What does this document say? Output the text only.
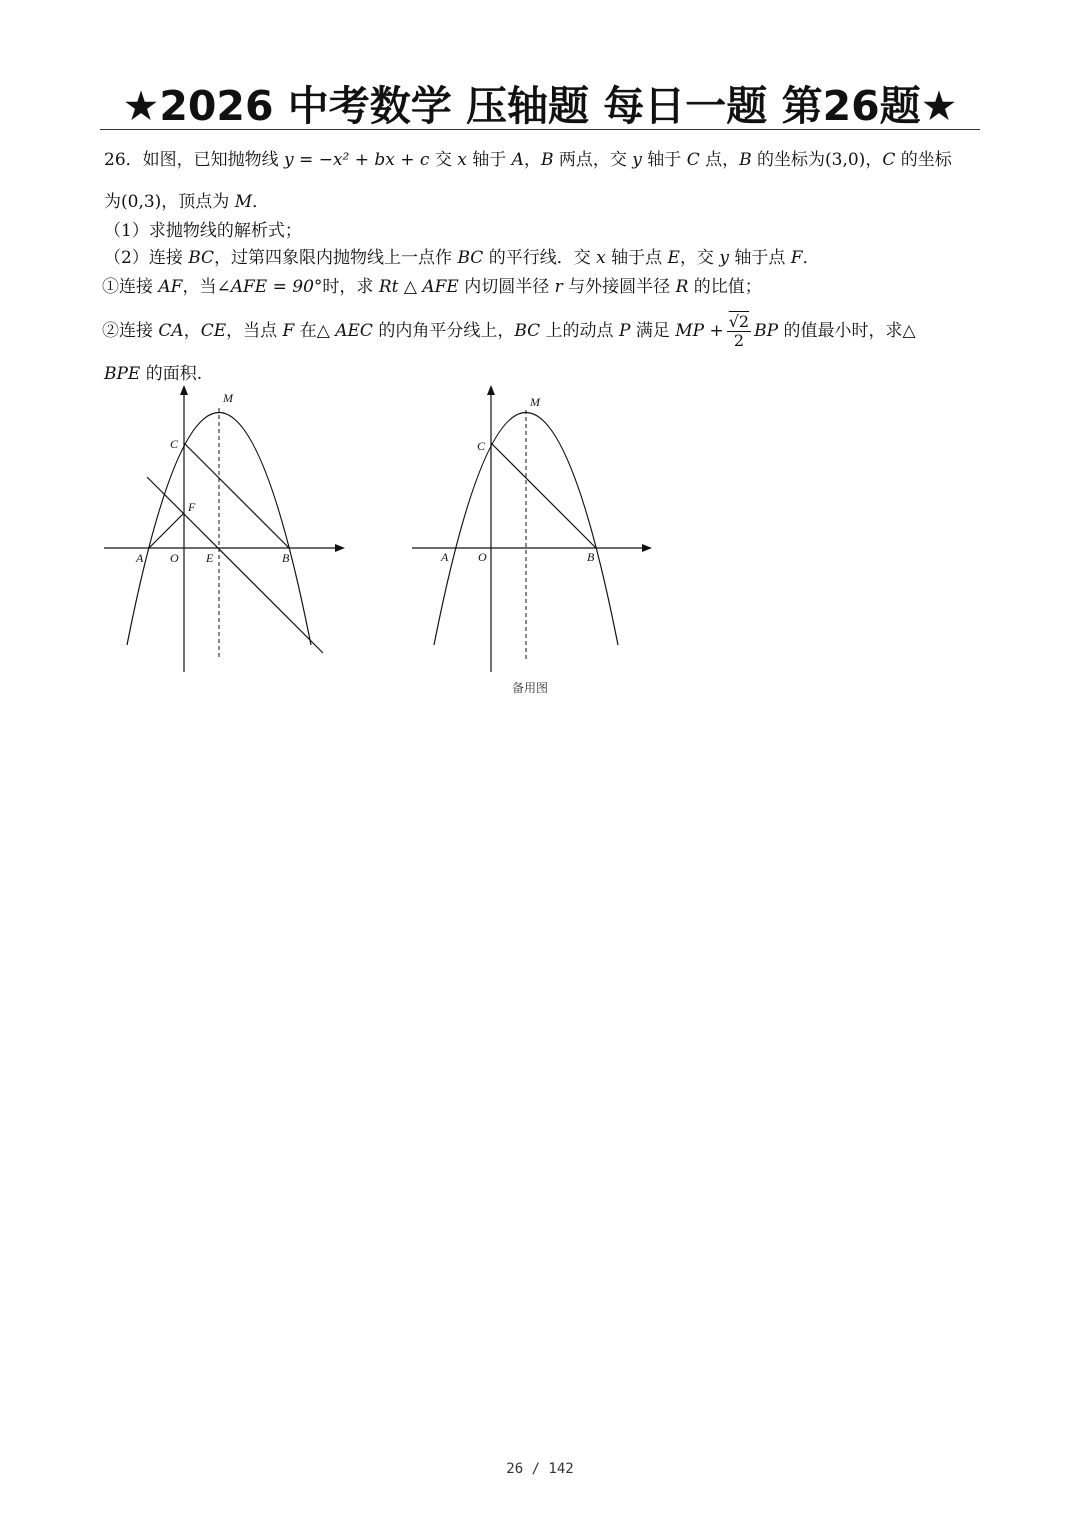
★2026 中考数学 压轴题 每日一题 第26题★
26．如图，已知抛物线 y = −x² + bx + c 交 x 轴于 A，B 两点，交 y 轴于 C 点，B 的坐标为(3,0)，C 的坐标
为(0,3)，顶点为 M．
（1）求抛物线的解析式；
（2）连接 BC，过第四象限内抛物线上一点作 BC 的平行线．交 x 轴于点 E，交 y 轴于点 F．
①连接 AF，当∠AFE = 90°时，求 Rt △ AFE 内切圆半径 r 与外接圆半径 R 的比值；
②连接 CA，CE，当点 F 在△ AEC 的内角平分线上，BC 上的动点 P 满足 MP + $\frac{√2}{2}$ BP 的值最小时，求△
BPE 的面积.
M
C
F
A O E	B
M
C
A O	B
备用图
26 / 142
